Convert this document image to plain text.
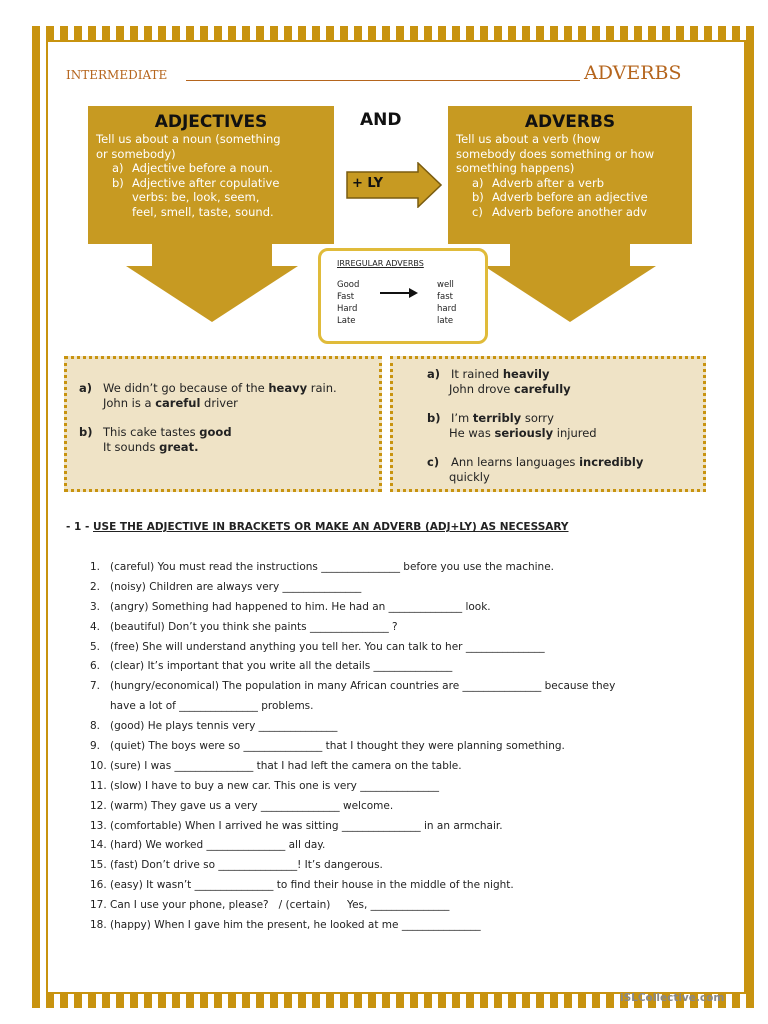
INTERMEDIATE	ADVERBS
ADJECTIVES
Tell us about a noun (something
or somebody)
a) Adjective before a noun.
b) Adjective after copulative
verbs: be, look, seem,
feel, smell, taste, sound.
AND
+ LY
ADVERBS
Tell us about a verb (how
somebody does something or how
something happens)
a) Adverb after a verb
b) Adverb before an adjective
c) Adverb before another adv
IRREGULAR ADVERBS
Good
Fast
Hard
Late
well
fast
hard
late
a) We didn’t go because of the heavy rain.
John is a careful driver
b) This cake tastes good
It sounds great.
a) It rained heavily
John drove carefully
b) I’m terribly sorry
He was seriously injured
c) Ann learns languages incredibly
quickly
- 1 - USE THE ADJECTIVE IN BRACKETS OR MAKE AN ADVERB (ADJ+LY) AS NECESSARY
1.   (careful) You must read the instructions _______________ before you use the machine.
2.   (noisy) Children are always very _______________
3.   (angry) Something had happened to him. He had an ______________ look.
4.   (beautiful) Don’t you think she paints _______________ ?
5.   (free) She will understand anything you tell her. You can talk to her _______________
6.   (clear) It’s important that you write all the details _______________
7.   (hungry/economical) The population in many African countries are _______________ because they
have a lot of _______________ problems.
8.   (good) He plays tennis very _______________
9.   (quiet) The boys were so _______________ that I thought they were planning something.
10. (sure) I was _______________ that I had left the camera on the table.
11. (slow) I have to buy a new car. This one is very _______________
12. (warm) They gave us a very _______________ welcome.
13. (comfortable) When I arrived he was sitting _______________ in an armchair.
14. (hard) We worked _______________ all day.
15. (fast) Don’t drive so _______________! It’s dangerous.
16. (easy) It wasn’t _______________ to find their house in the middle of the night.
17. Can I use your phone, please?   / (certain)     Yes, _______________
18. (happy) When I gave him the present, he looked at me _______________
iSLCollective.com
